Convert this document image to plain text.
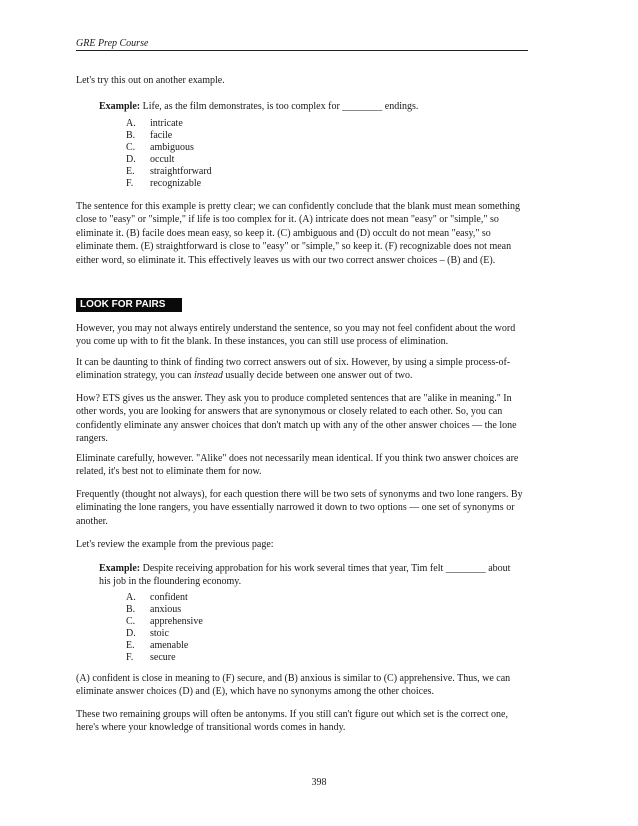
GRE Prep Course

Let's try this out on another example.

Example: Life, as the film demonstrates, is too complex for ________ endings.
A. intricate
B. facile
C. ambiguous
D. occult
E. straightforward
F. recognizable

The sentence for this example is pretty clear; we can confidently conclude that the blank must mean something close to "easy" or "simple," if life is too complex for it. (A) intricate does not mean "easy" or "simple," so eliminate it. (B) facile does mean easy, so keep it. (C) ambiguous and (D) occult do not mean "easy," so eliminate them. (E) straightforward is close to "easy" or "simple," so keep it. (F) recognizable does not mean either word, so eliminate it. This effectively leaves us with our two correct answer choices – (B) and (E).

LOOK FOR PAIRS

However, you may not always entirely understand the sentence, so you may not feel confident about the word you come up with to fit the blank. In these instances, you can still use process of elimination.

It can be daunting to think of finding two correct answers out of six. However, by using a simple process-of-elimination strategy, you can instead usually decide between one answer out of two.

How? ETS gives us the answer. They ask you to produce completed sentences that are "alike in meaning." In other words, you are looking for answers that are synonymous or closely related to each other. So, you can confidently eliminate any answer choices that don't match up with any of the other answer choices — the lone rangers.

Eliminate carefully, however. "Alike" does not necessarily mean identical. If you think two answer choices are related, it's best not to eliminate them for now.

Frequently (thought not always), for each question there will be two sets of synonyms and two lone rangers. By eliminating the lone rangers, you have essentially narrowed it down to two options — one set of synonyms or another.

Let's review the example from the previous page:

Example: Despite receiving approbation for his work several times that year, Tim felt ________ about his job in the floundering economy.
A. confident
B. anxious
C. apprehensive
D. stoic
E. amenable
F. secure

(A) confident is close in meaning to (F) secure, and (B) anxious is similar to (C) apprehensive. Thus, we can eliminate answer choices (D) and (E), which have no synonyms among the other choices.

These two remaining groups will often be antonyms. If you still can't figure out which set is the correct one, here's where your knowledge of transitional words comes in handy.

398
